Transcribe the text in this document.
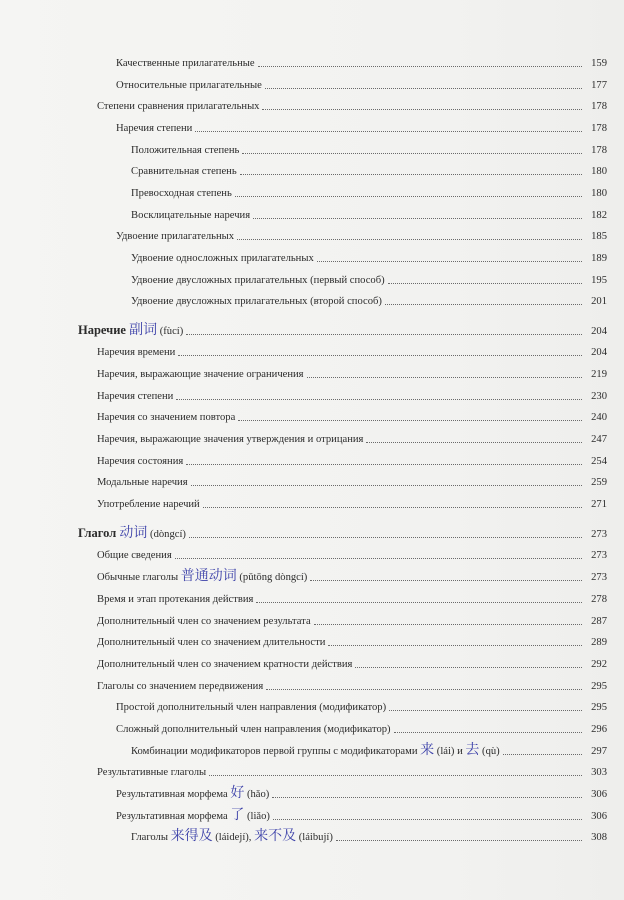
Качественные прилагательные	159
Относительные прилагательные	177
Степени сравнения прилагательных	178
Наречия степени	178
Положительная степень	178
Сравнительная степень	180
Превосходная степень	180
Восклицательные наречия	182
Удвоение прилагательных	185
Удвоение односложных прилагательных	189
Удвоение двусложных прилагательных (первый способ)	195
Удвоение двусложных прилагательных (второй способ)	201
Наречие 副词 (fùcí)	204
Наречия времени	204
Наречия, выражающие значение ограничения	219
Наречия степени	230
Наречия со значением повтора	240
Наречия, выражающие значения утверждения и отрицания	247
Наречия состояния	254
Модальные наречия	259
Употребление наречий	271
Глагол 动词 (dòngcí)	273
Общие сведения	273
Обычные глаголы 普通动词 (pǔtōng dòngcí)	273
Время и этап протекания действия	278
Дополнительный член со значением результата	287
Дополнительный член со значением длительности	289
Дополнительный член со значением кратности действия	292
Глаголы со значением передвижения	295
Простой дополнительный член направления (модификатор)	295
Сложный дополнительный член направления (модификатор)	296
Комбинации модификаторов первой группы с модификаторами 来 (lái) и 去 (qù)	297
Результативные глаголы	303
Результативная морфема 好 (hǎo)	306
Результативная морфема 了 (liǎo)	306
Глаголы 来得及 (láidejí), 来不及 (láibují)	308
